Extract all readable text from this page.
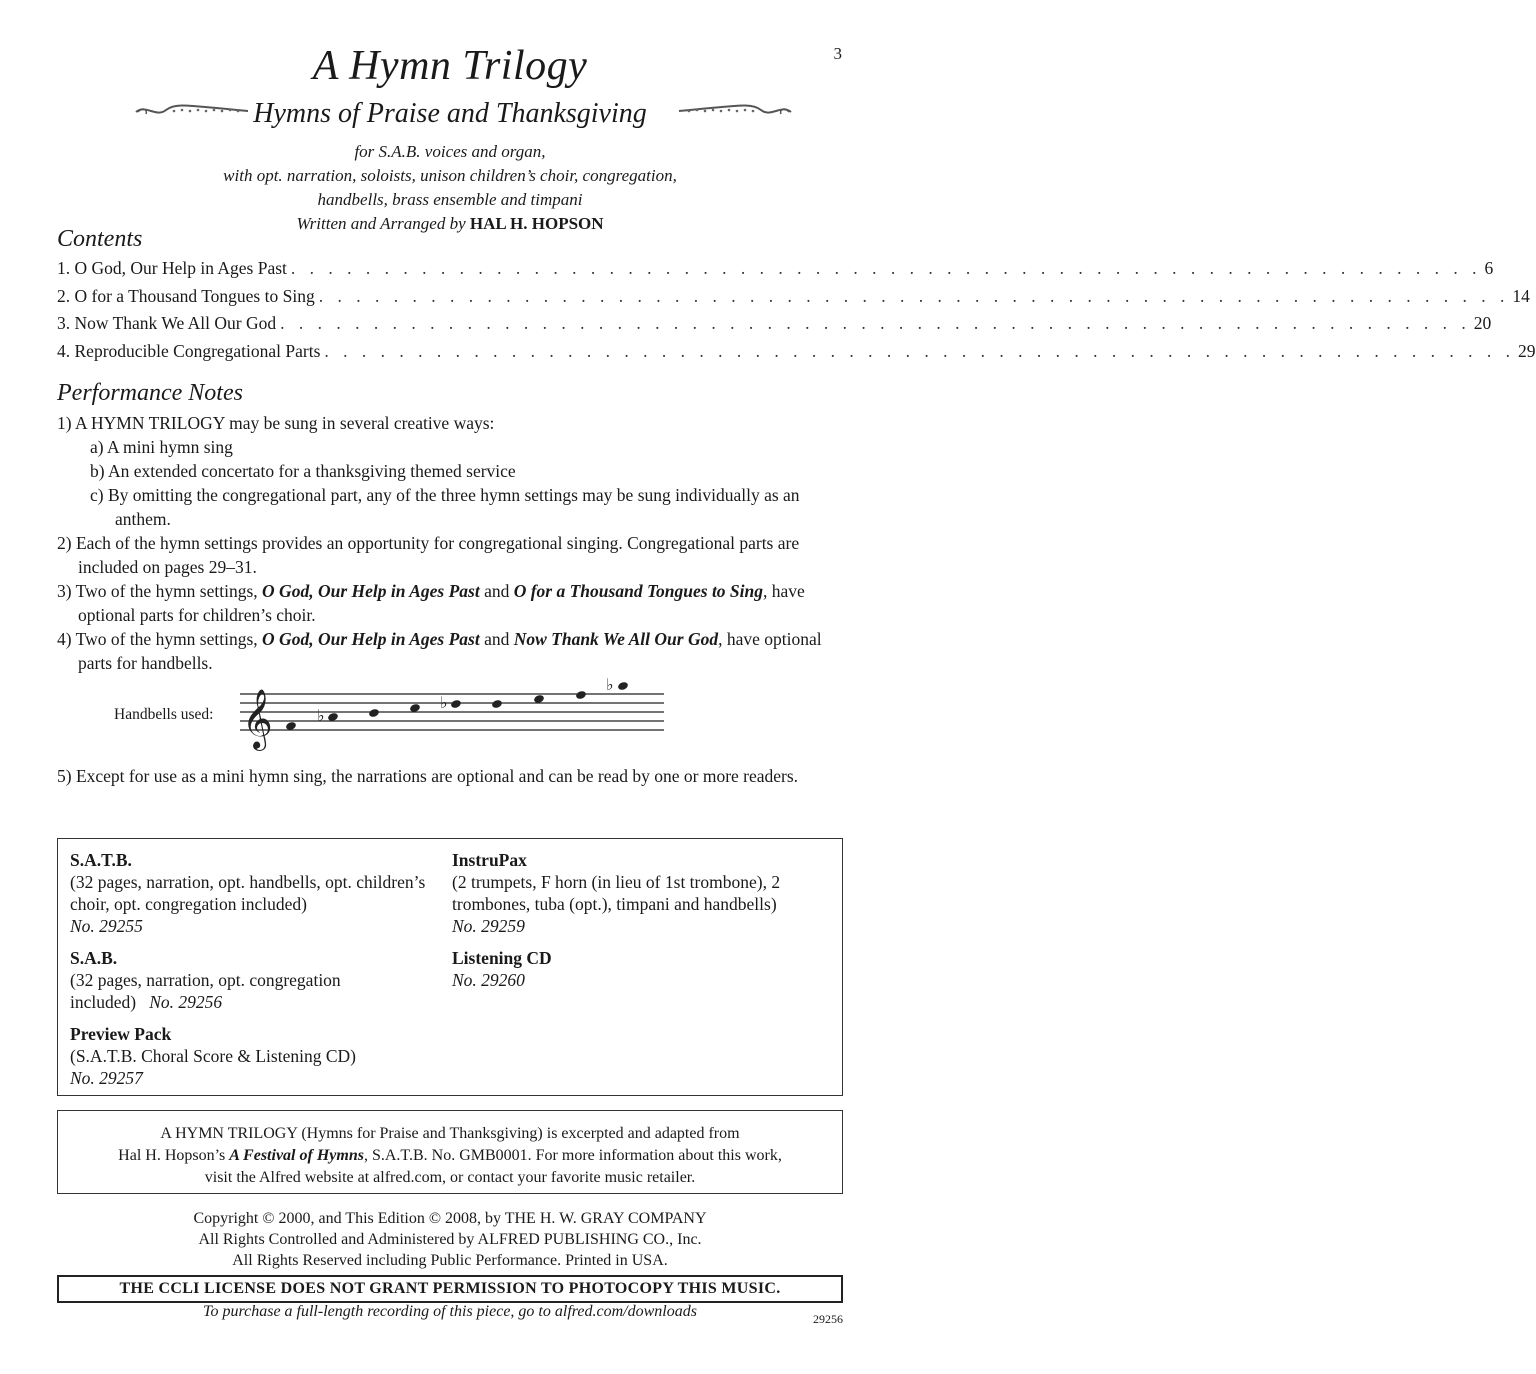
3
A Hymn Trilogy
Hymns of Praise and Thanksgiving
for S.A.B. voices and organ,
with opt. narration, soloists, unison children’s choir, congregation,
handbells, brass ensemble and timpani
Written and Arranged by HAL H. HOPSON
Contents
1. O God, Our Help in Ages Past . . . . . . . . . . . . . . . . . . . . . . . . . . . . . . . . . . . . . . . . . . . . . . . . . . . . . . . . . . . . . . . . 6
2. O for a Thousand Tongues to Sing . . . . . . . . . . . . . . . . . . . . . . . . . . . . . . . . . . . . . . . . . . . . . . . . . . . . . . . . . . . . . . . . 14
3. Now Thank We All Our God . . . . . . . . . . . . . . . . . . . . . . . . . . . . . . . . . . . . . . . . . . . . . . . . . . . . . . . . . . . . . . . . 20
4. Reproducible Congregational Parts . . . . . . . . . . . . . . . . . . . . . . . . . . . . . . . . . . . . . . . . . . . . . . . . . . . . . . . . . . . . . . . . 29
Performance Notes

1) A HYMN TRILOGY may be sung in several creative ways:

a) A mini hymn sing

b) An extended concertato for a thanksgiving themed service

c) By omitting the congregational part, any of the three hymn settings may be sung individually as an anthem.

2) Each of the hymn settings provides an opportunity for congregational singing. Congregational parts are included on pages 29–31.

3) Two of the hymn settings, O God, Our Help in Ages Past and O for a Thousand Tongues to Sing, have optional parts for children’s choir.

4) Two of the hymn settings, O God, Our Help in Ages Past and Now Thank We All Our God, have optional parts for handbells.

Handbells used: 𝄞	♭
♭
♭
5) Except for use as a mini hymn sing, the narrations are optional and can be read by one or more readers.
S.A.T.B.
(32 pages, narration, opt. handbells, opt. children’s choir, opt. congregation included)
No. 29255
S.A.B.
(32 pages, narration, opt. congregation included) No. 29256
Preview Pack
(S.A.T.B. Choral Score & Listening CD)
No. 29257
InstruPax
(2 trumpets, F horn (in lieu of 1st trombone), 2 trombones, tuba (opt.), timpani and handbells)
No. 29259
Listening CD
No. 29260
A HYMN TRILOGY (Hymns for Praise and Thanksgiving) is excerpted and adapted from
Hal H. Hopson’s A Festival of Hymns, S.A.T.B. No. GMB0001. For more information about this work,
visit the Alfred website at alfred.com, or contact your favorite music retailer.
Copyright © 2000, and This Edition © 2008, by THE H. W. GRAY COMPANY
All Rights Controlled and Administered by ALFRED PUBLISHING CO., Inc.
All Rights Reserved including Public Performance. Printed in USA.
THE CCLI LICENSE DOES NOT GRANT PERMISSION TO PHOTOCOPY THIS MUSIC.
To purchase a full-length recording of this piece, go to alfred.com/downloads	29256
